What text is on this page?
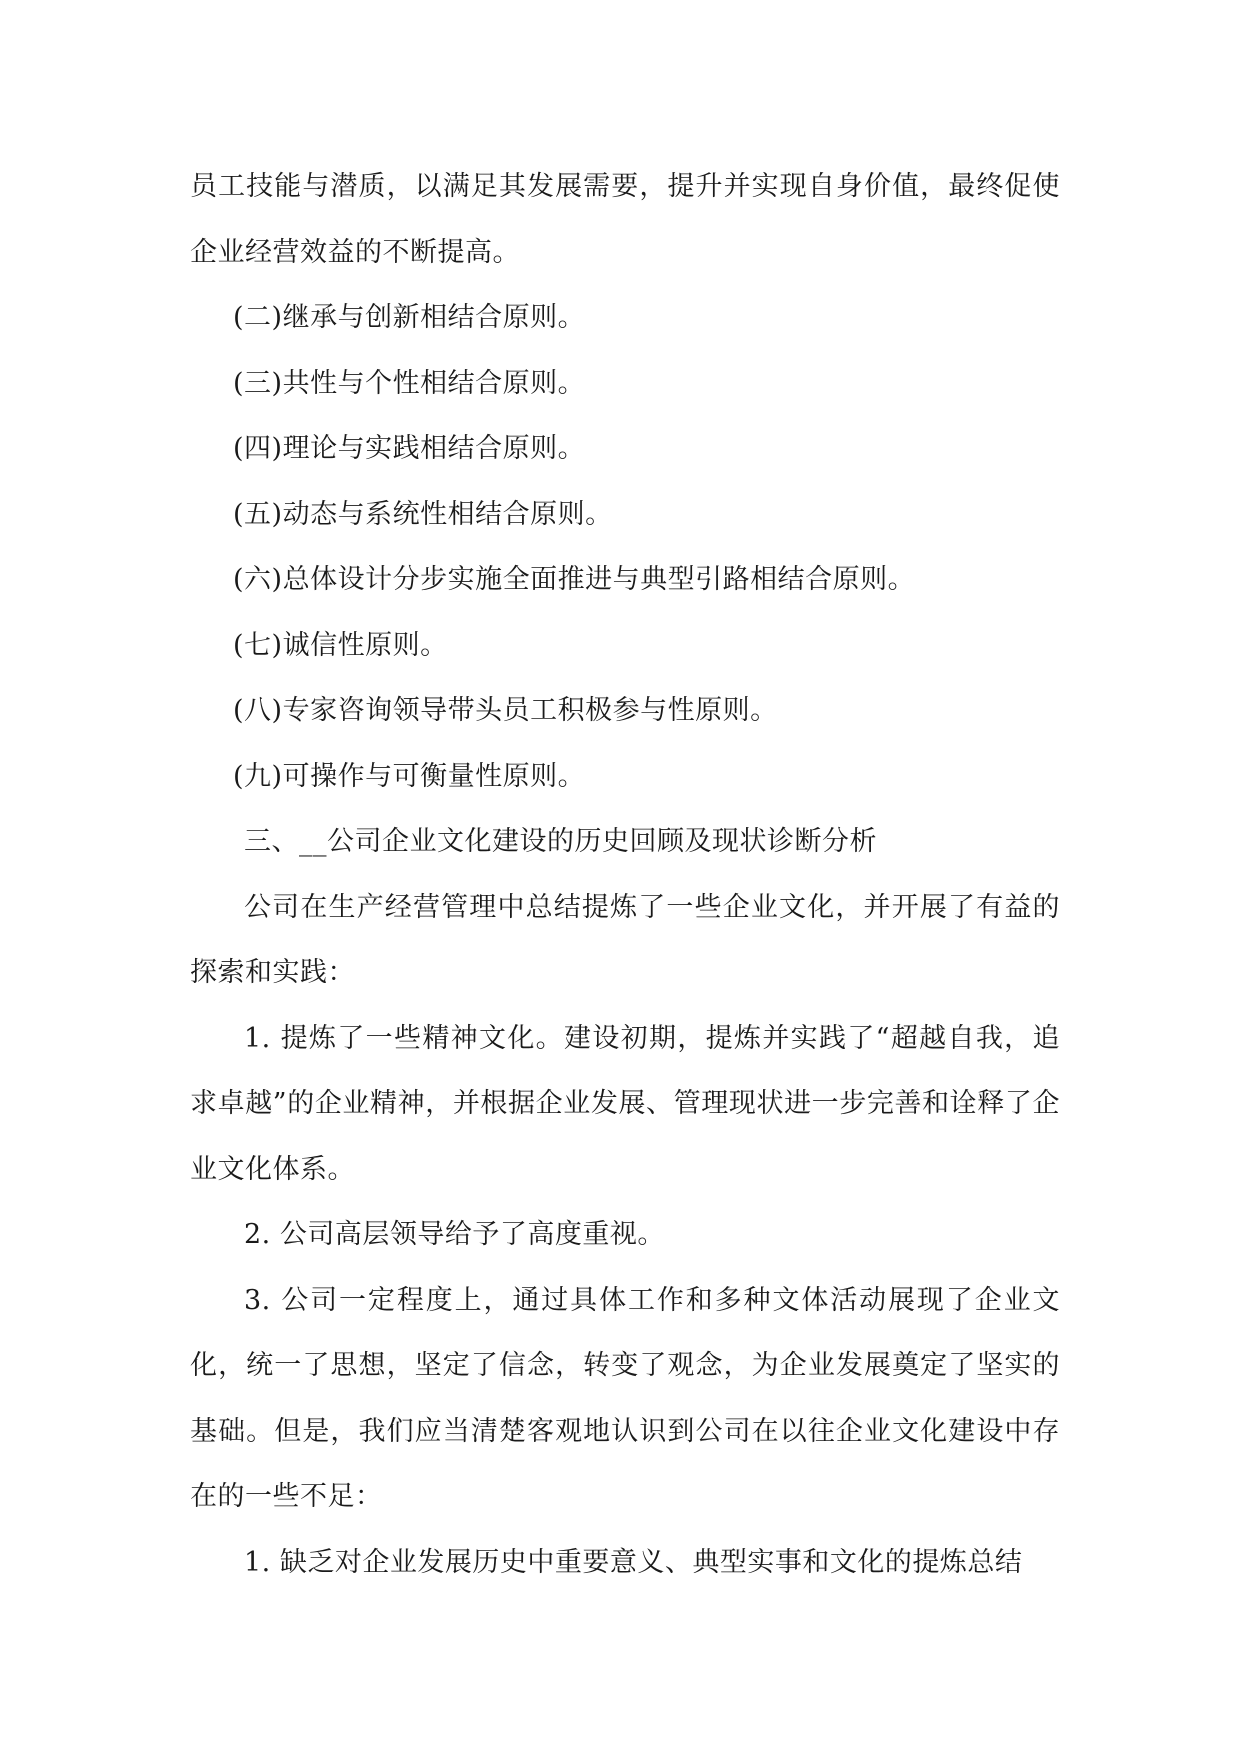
员工技能与潜质，以满足其发展需要，提升并实现自身价值，最终促使企业经营效益的不断提高。

(二)继承与创新相结合原则。

(三)共性与个性相结合原则。

(四)理论与实践相结合原则。

(五)动态与系统性相结合原则。

(六)总体设计分步实施全面推进与典型引路相结合原则。

(七)诚信性原则。

(八)专家咨询领导带头员工积极参与性原则。

(九)可操作与可衡量性原则。

三、__公司企业文化建设的历史回顾及现状诊断分析

公司在生产经营管理中总结提炼了一些企业文化，并开展了有益的探索和实践：

1. 提炼了一些精神文化。建设初期，提炼并实践了“超越自我，追求卓越”的企业精神，并根据企业发展、管理现状进一步完善和诠释了企业文化体系。

2. 公司高层领导给予了高度重视。

3. 公司一定程度上，通过具体工作和多种文体活动展现了企业文化，统一了思想，坚定了信念，转变了观念，为企业发展奠定了坚实的基础。但是，我们应当清楚客观地认识到公司在以往企业文化建设中存在的一些不足：

1. 缺乏对企业发展历史中重要意义、典型实事和文化的提炼总结
